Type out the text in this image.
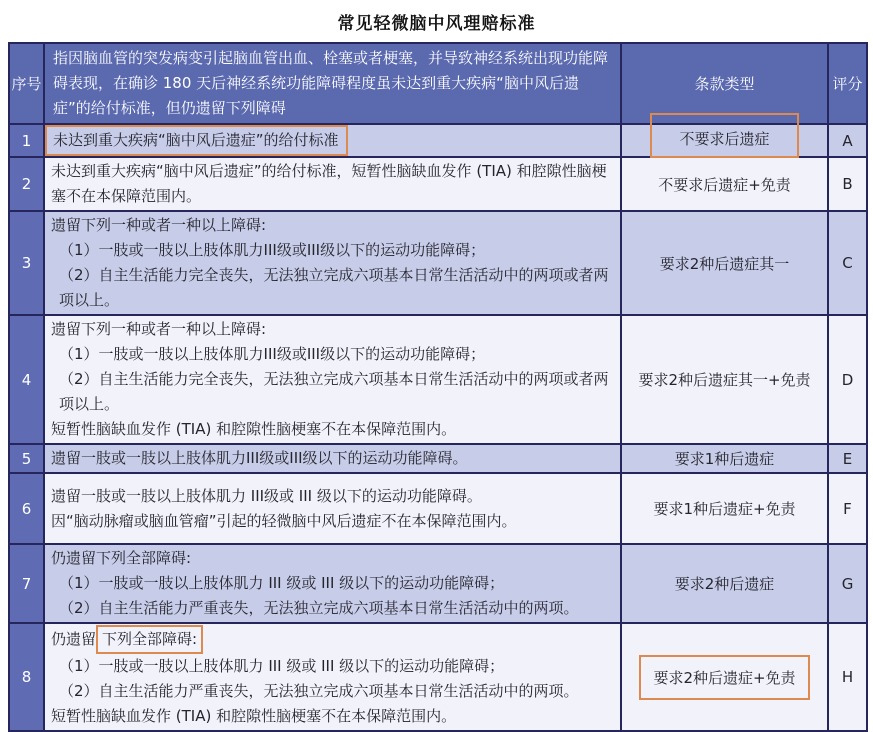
常见轻微脑中风理赔标准
序号	指因脑血管的突发病变引起脑血管出血、栓塞或者梗塞，并导致神经系统出现功能障碍表现，在确诊 180 天后神经系统功能障碍程度虽未达到重大疾病“脑中风后遗 症”的给付标准，但仍遗留下列障碍	条款类型	评分
1	未达到重大疾病“脑中风后遗症”的给付标准	不要求后遗症	A
2	未达到重大疾病“脑中风后遗症”的给付标准，短暂性脑缺血发作 (TIA) 和腔隙性脑梗塞不在本保障范围内。	不要求后遗症+免责	B
3	遗留下列一种或者一种以上障碍:
（1）一肢或一肢以上肢体肌力III级或III级以下的运动功能障碍；
（2）自主生活能力完全丧失，无法独立完成六项基本日常生活活动中的两项或者两项以上。	要求2种后遗症其一	C
4	遗留下列一种或者一种以上障碍:
（1）一肢或一肢以上肢体肌力III级或III级以下的运动功能障碍；
（2）自主生活能力完全丧失，无法独立完成六项基本日常生活活动中的两项或者两项以上。
短暂性脑缺血发作 (TIA) 和腔隙性脑梗塞不在本保障范围内。	要求2种后遗症其一+免责	D
5	遗留一肢或一肢以上肢体肌力III级或III级以下的运动功能障碍。	要求1种后遗症	E
6	遗留一肢或一肢以上肢体肌力 III级或 III 级以下的运动功能障碍。
因“脑动脉瘤或脑血管瘤”引起的轻微脑中风后遗症不在本保障范围内。	要求1种后遗症+免责	F
7	仍遗留下列全部障碍:
（1）一肢或一肢以上肢体肌力 III 级或 III 级以下的运动功能障碍；
（2）自主生活能力严重丧失，无法独立完成六项基本日常生活活动中的两项。	要求2种后遗症	G
8	仍遗留 下列全部障碍:
（1）一肢或一肢以上肢体肌力 III 级或 III 级以下的运动功能障碍；
（2）自主生活能力严重丧失，无法独立完成六项基本日常生活活动中的两项。
短暂性脑缺血发作 (TIA) 和腔隙性脑梗塞不在本保障范围内。	要求2种后遗症+免责	H
